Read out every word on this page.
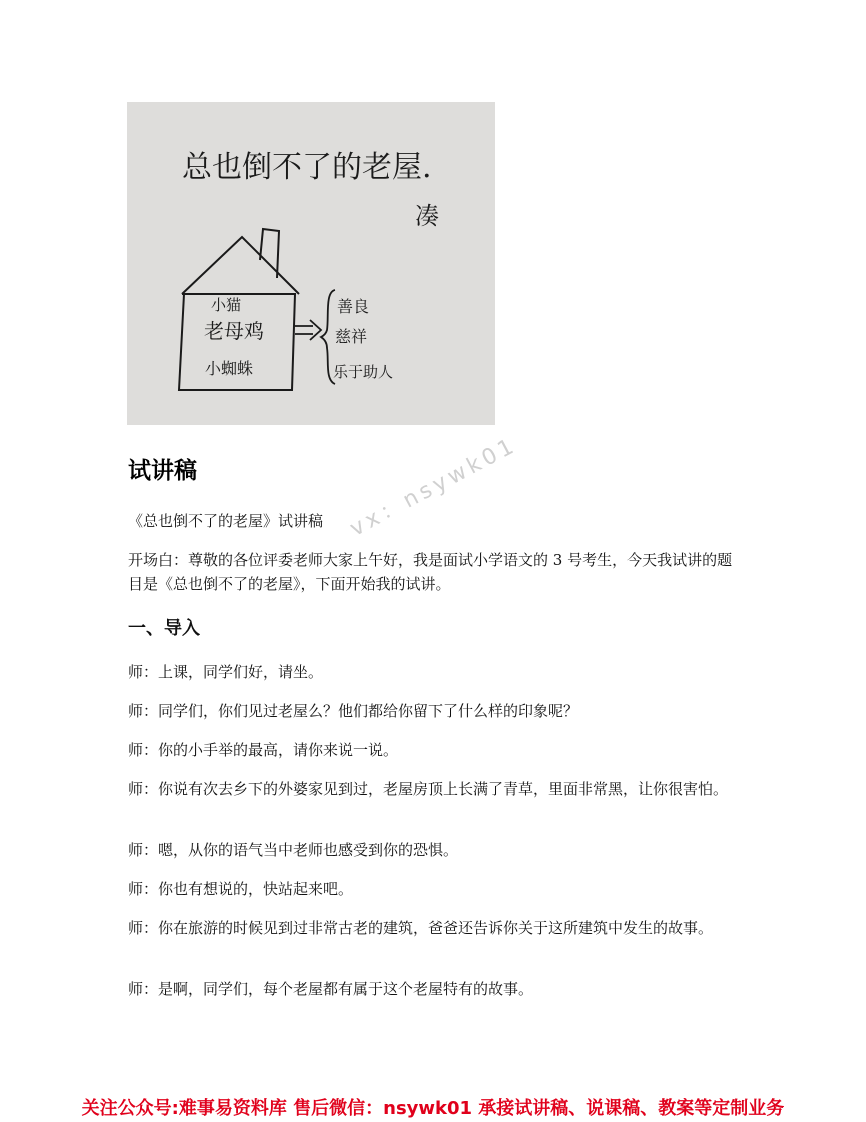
总也倒不了的老屋.
凑
小猫
老母鸡
小蜘蛛
善良
慈祥
乐于助人
vx：nsywk01
试讲稿
《总也倒不了的老屋》试讲稿
开场白：尊敬的各位评委老师大家上午好，我是面试小学语文的 3 号考生，今天我试讲的题目是《总也倒不了的老屋》，下面开始我的试讲。
一、导入
师：上课，同学们好，请坐。
师：同学们，你们见过老屋么？他们都给你留下了什么样的印象呢？
师：你的小手举的最高，请你来说一说。
师：你说有次去乡下的外婆家见到过，老屋房顶上长满了青草，里面非常黑，让你很害怕。
师：嗯，从你的语气当中老师也感受到你的恐惧。
师：你也有想说的，快站起来吧。
师：你在旅游的时候见到过非常古老的建筑，爸爸还告诉你关于这所建筑中发生的故事。
师：是啊，同学们，每个老屋都有属于这个老屋特有的故事。
关注公众号:难事易资料库 售后微信：nsywk01 承接试讲稿、说课稿、教案等定制业务
